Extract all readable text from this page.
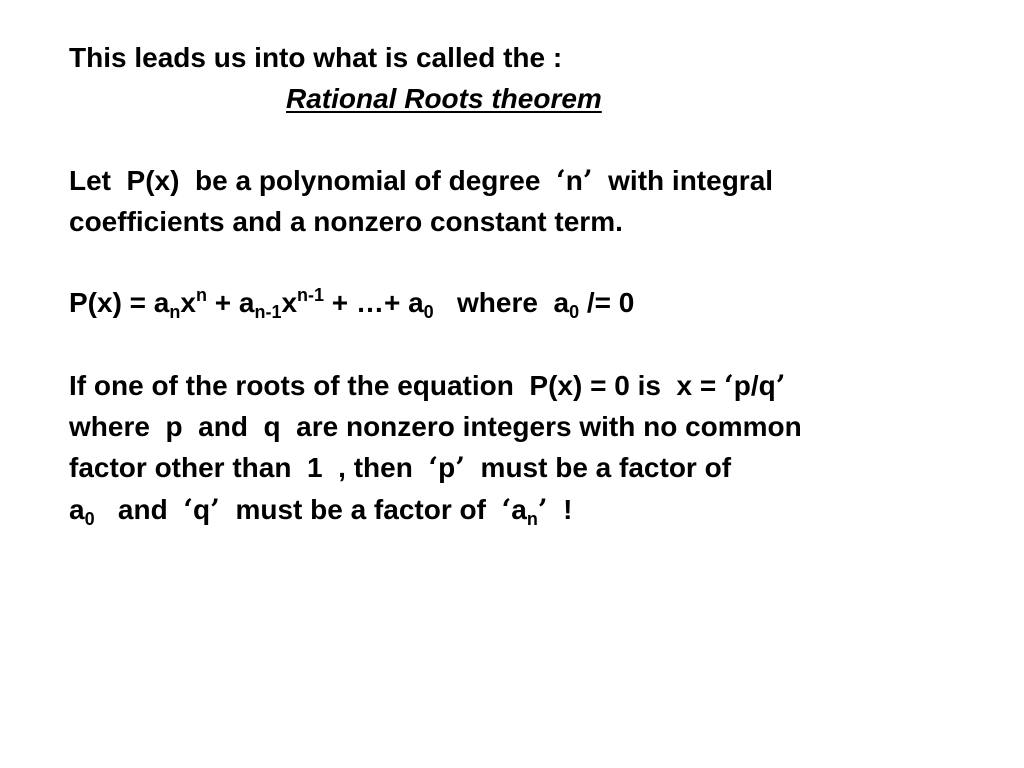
This leads us into what is called the :
Rational Roots theorem
Let  P(x)  be a polynomial of degree  ‘n’  with integral
coefficients and a nonzero constant term.
$P(x) = a_nx^n + a_{n-1}x^{n-1}$ + …+ $a_0$   where  $a_0 /= 0$
If one of the roots of the equation  P(x) = 0 is  x = ‘p/q’
where  p  and  q  are nonzero integers with no common
factor other than  1  , then  ‘p’  must be a factor of
$a_0$   and  ‘q’  must be a factor of  ‘$a_n$’  !
